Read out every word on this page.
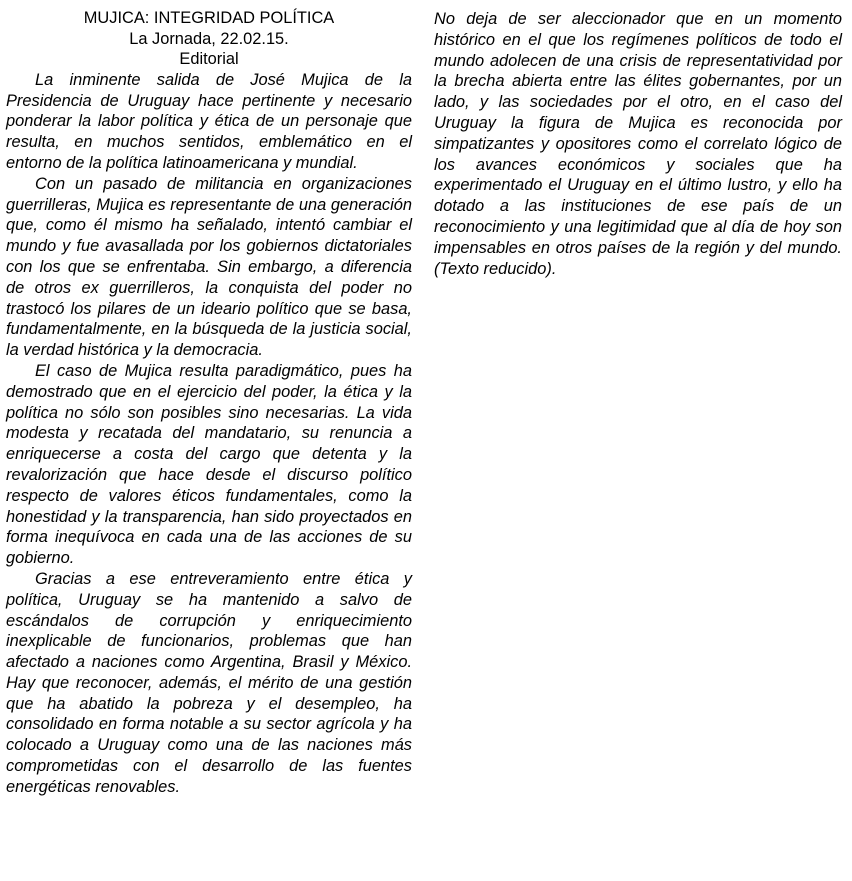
MUJICA: INTEGRIDAD POLÍTICA
La Jornada, 22.02.15.
Editorial

La inminente salida de José Mujica de la Presidencia de Uruguay hace pertinente y necesario ponderar la labor política y ética de un personaje que resulta, en muchos sentidos, emblemático en el entorno de la política latinoamericana y mundial.

Con un pasado de militancia en organizaciones guerrilleras, Mujica es representante de una generación que, como él mismo ha señalado, intentó cambiar el mundo y fue avasallada por los gobiernos dictatoriales con los que se enfrentaba. Sin embargo, a diferencia de otros ex guerrilleros, la conquista del poder no trastocó los pilares de un ideario político que se basa, fundamentalmente, en la búsqueda de la justicia social, la verdad histórica y la democracia.

El caso de Mujica resulta paradigmático, pues ha demostrado que en el ejercicio del poder, la ética y la política no sólo son posibles sino necesarias. La vida modesta y recatada del mandatario, su renuncia a enriquecerse a costa del cargo que detenta y la revalorización que hace desde el discurso político respecto de valores éticos fundamentales, como la honestidad y la transparencia, han sido proyectados en forma inequívoca en cada una de las acciones de su gobierno.

Gracias a ese entreveramiento entre ética y política, Uruguay se ha mantenido a salvo de escándalos de corrupción y enriquecimiento inexplicable de funcionarios, problemas que han afectado a naciones como Argentina, Brasil y México. Hay que reconocer, además, el mérito de una gestión que ha abatido la pobreza y el desempleo, ha consolidado en forma notable a su sector agrícola y ha colocado a Uruguay como una de las naciones más comprometidas con el desarrollo de las fuentes energéticas renovables.

No deja de ser aleccionador que en un momento histórico en el que los regímenes políticos de todo el mundo adolecen de una crisis de representatividad por la brecha abierta entre las élites gobernantes, por un lado, y las sociedades por el otro, en el caso del Uruguay la figura de Mujica es reconocida por simpatizantes y opositores como el correlato lógico de los avances económicos y sociales que ha experimentado el Uruguay en el último lustro, y ello ha dotado a las instituciones de ese país de un reconocimiento y una legitimidad que al día de hoy son impensables en otros países de la región y del mundo. (Texto reducido).
